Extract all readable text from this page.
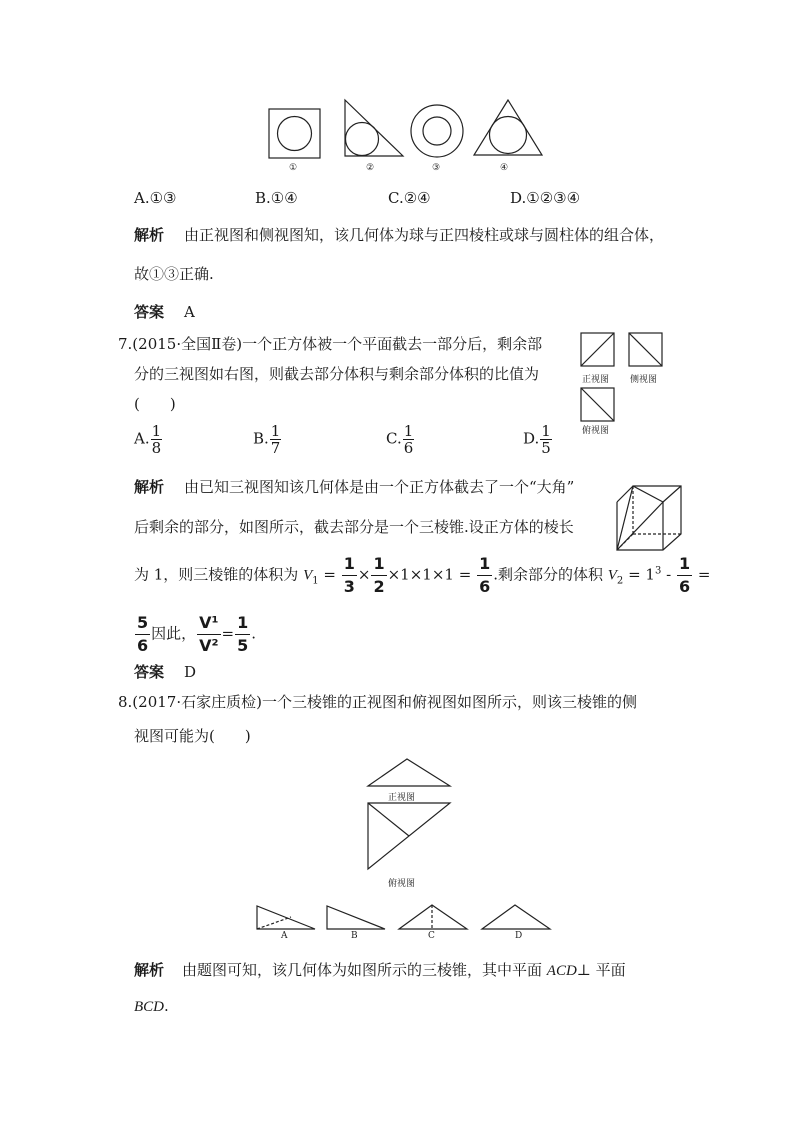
①	②	③	④
A.①③	B.①④	C.②④	D.①②③④
解析 由正视图和侧视图知，该几何体为球与正四棱柱或球与圆柱体的组合体，
故①③正确.
答案 A
7.(2015·全国Ⅱ卷)一个正方体被一个平面截去一部分后，剩余部
分的三视图如右图，则截去部分体积与剩余部分体积的比值为
(　　)
正视图 侧视图
俯视图
A. $\frac{1}{8}$	B. $\frac{1}{7}$	C. $\frac{1}{6}$	D. $\frac{1}{5}$
解析 由已知三视图知该几何体是由一个正方体截去了一个“大角”
后剩余的部分，如图所示，截去部分是一个三棱锥.设正方体的棱长
为 1，则三棱锥的体积为 $V_1 = \frac{1}{3} \times \frac{1}{2} \times 1\times 1\times 1 = \frac{1}{6}$ .剩余部分的体积 $V_2 = 1^3 - \frac{1}{6}$ =
$\frac{5}{6}$ 因此， $\frac{\text{V¹}}{\text{V²}} = \frac{1}{5}$ .
答案 D
8.(2017·石家庄质检)一个三棱锥的正视图和俯视图如图所示，则该三棱锥的侧
视图可能为(　　)
正视图
俯视图
A	B	C	D
解析 由题图可知，该几何体为如图所示的三棱锥，其中平面 ACD⊥ 平面
BCD.
